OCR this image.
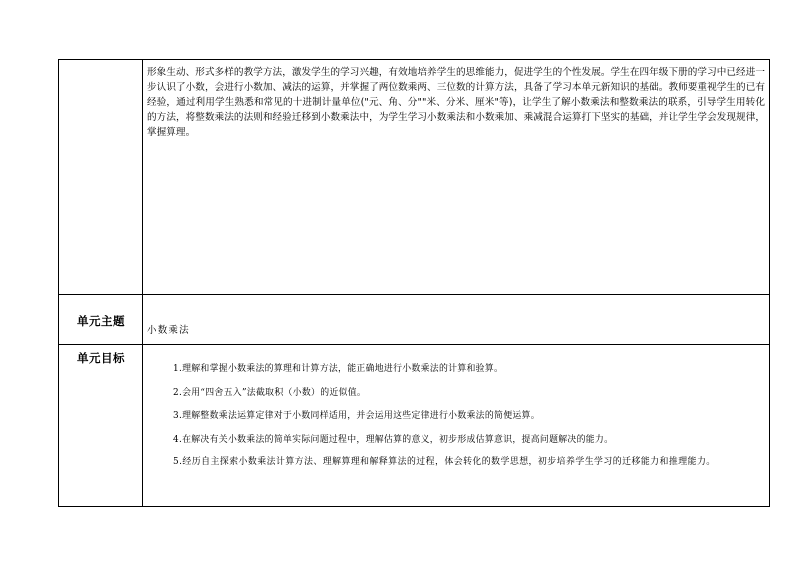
形象生动、形式多样的教学方法，激发学生的学习兴趣，有效地培养学生的思维能力，促进学生的个性发展。学生在四年级下册的学习中已经进一步认识了小数，会进行小数加、减法的运算，并掌握了两位数乘两、三位数的计算方法，具备了学习本单元新知识的基础。教师要重视学生的已有经验，通过利用学生熟悉和常见的十进制计量单位("元、角、分""米、分米、厘米"等)，让学生了解小数乘法和整数乘法的联系，引导学生用转化的方法，将整数乘法的法则和经验迁移到小数乘法中，为学生学习小数乘法和小数乘加、乘减混合运算打下坚实的基础，并让学生学会发现规律，掌握算理。
单元主题
小数乘法
单元目标
1.理解和掌握小数乘法的算理和计算方法，能正确地进行小数乘法的计算和验算。
2.会用“四舍五入”法截取积（小数）的近似值。
3.理解整数乘法运算定律对于小数同样适用，并会运用这些定律进行小数乘法的简便运算。
4.在解决有关小数乘法的简单实际问题过程中，理解估算的意义，初步形成估算意识，提高问题解决的能力。
5.经历自主探索小数乘法计算方法、理解算理和解释算法的过程，体会转化的数学思想，初步培养学生学习的迁移能力和推理能力。
